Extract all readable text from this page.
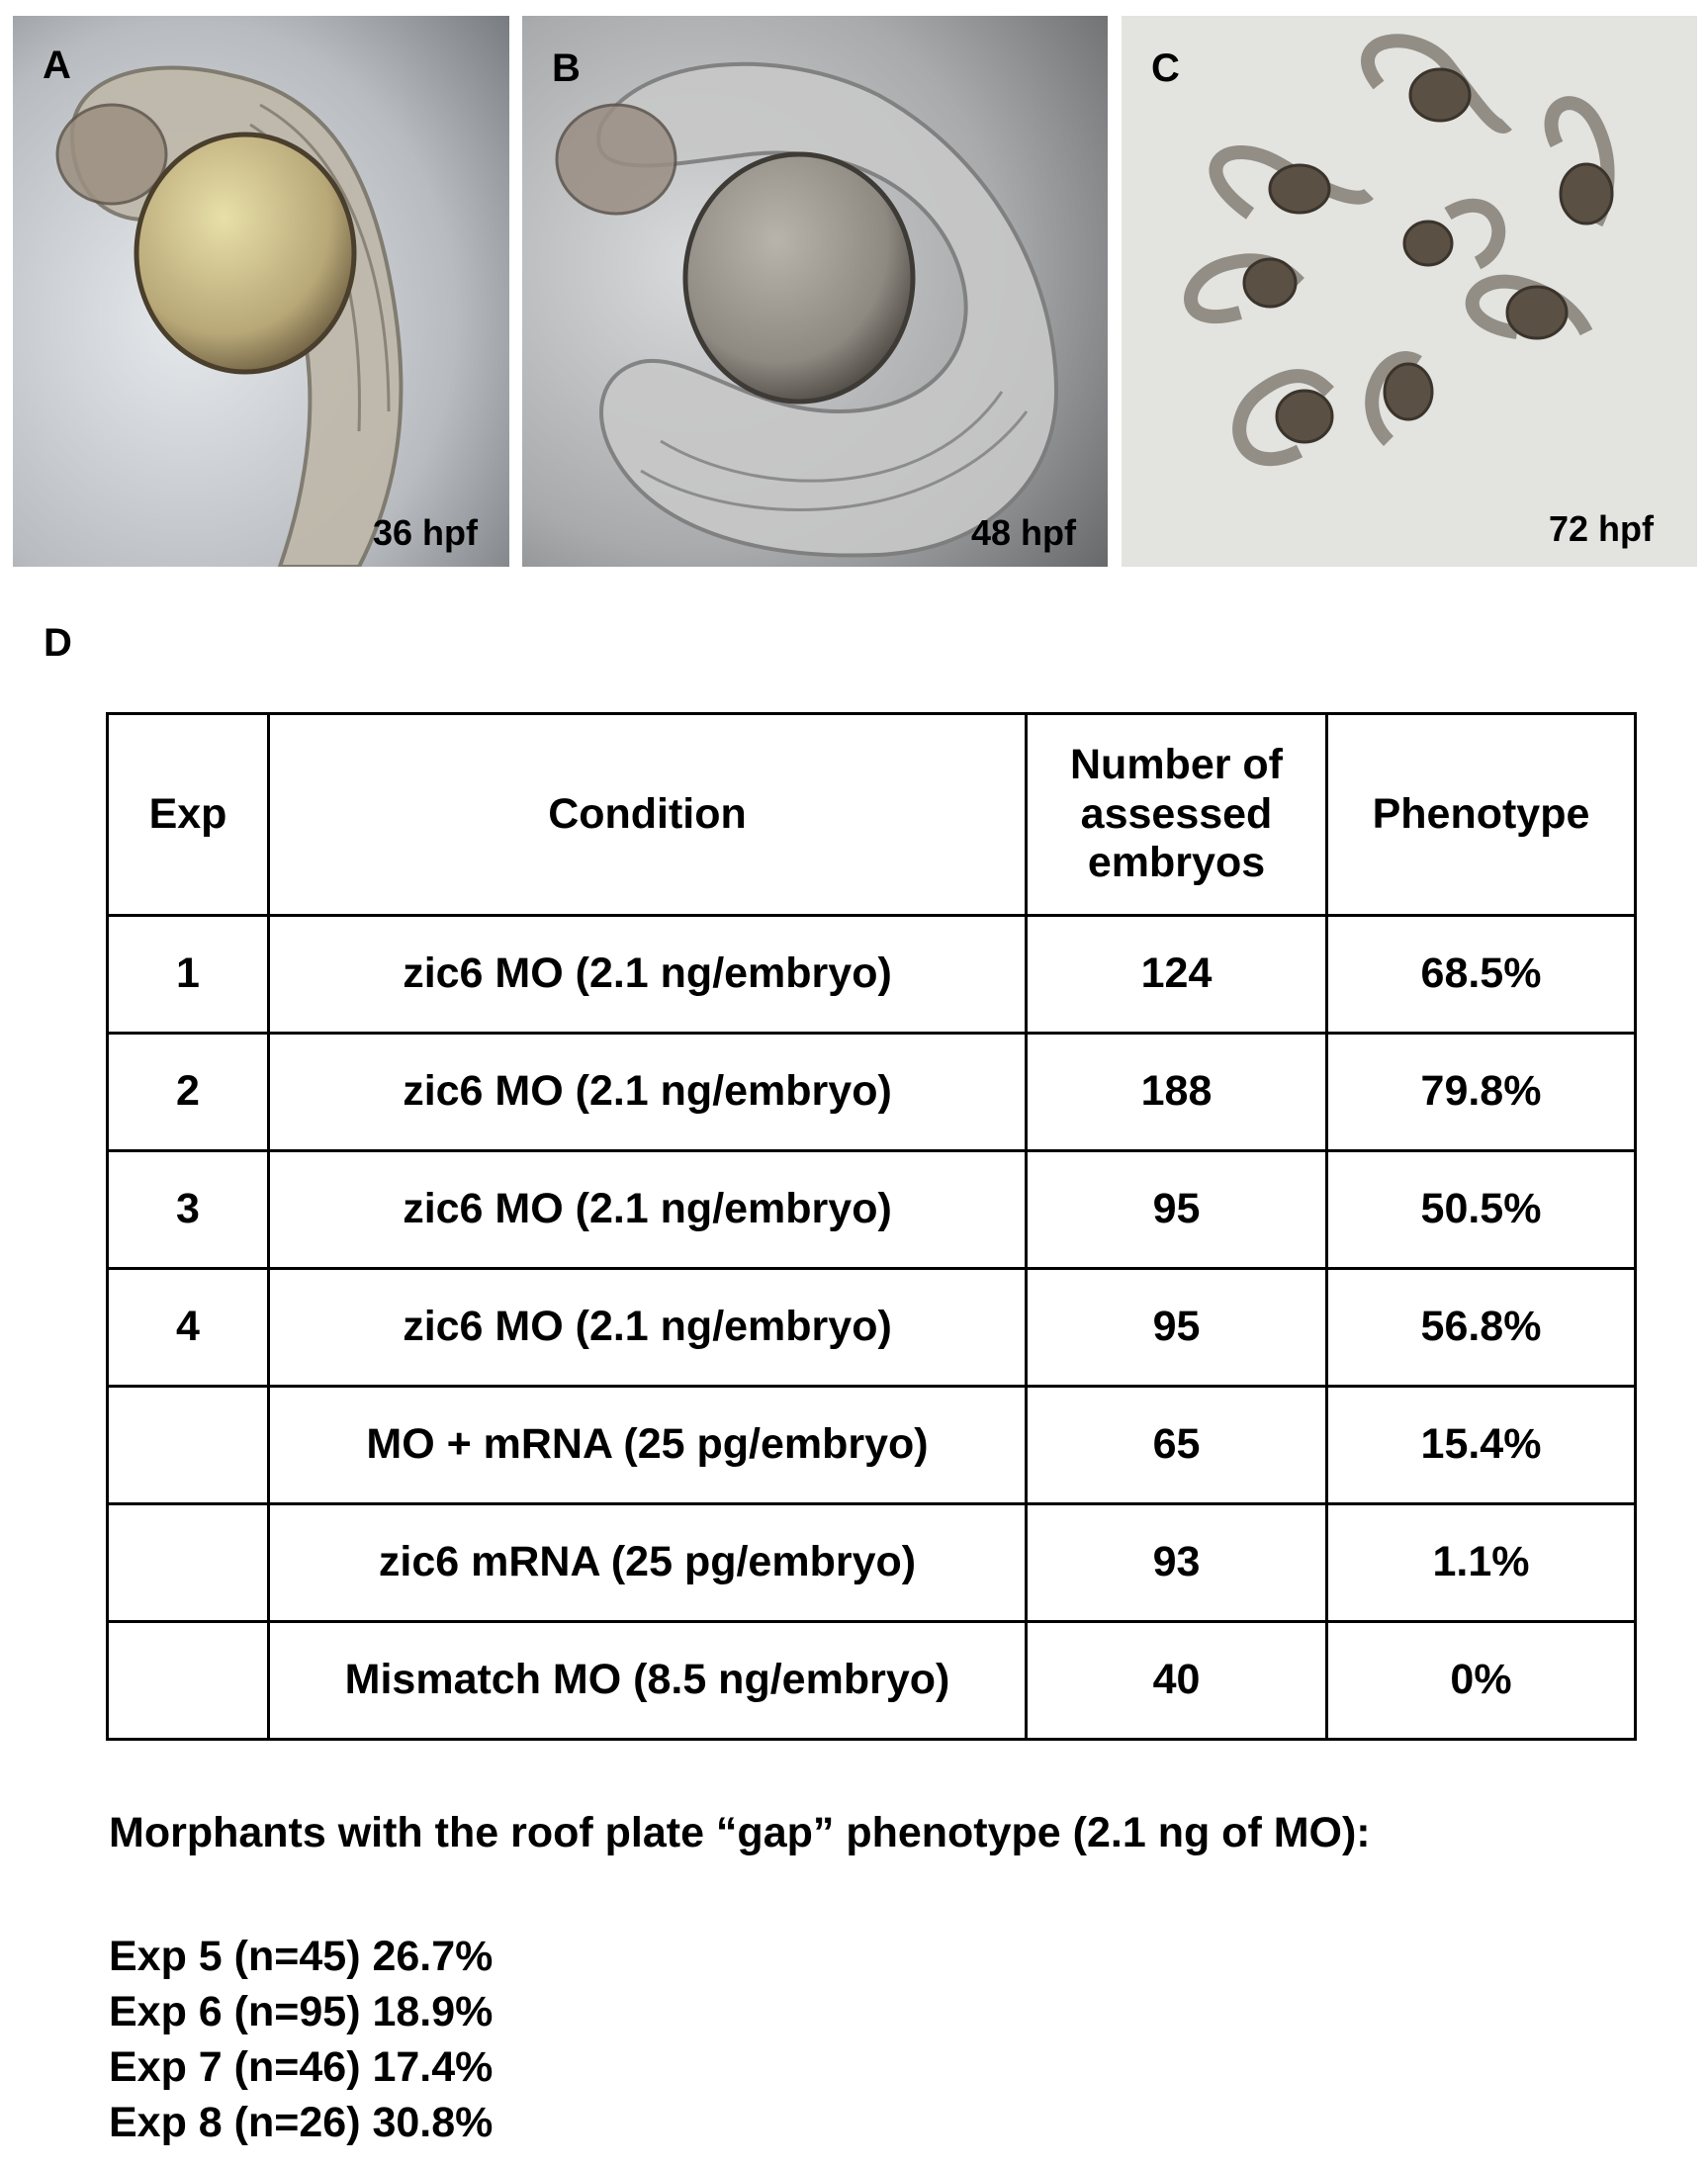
A
36 hpf
B
48 hpf
C
72 hpf
D
Exp	Condition	Number of assessed embryos	Phenotype
1	zic6 MO (2.1 ng/embryo)	124	68.5%
2	zic6 MO (2.1 ng/embryo)	188	79.8%
3	zic6 MO (2.1 ng/embryo)	95	50.5%
4	zic6 MO (2.1 ng/embryo)	95	56.8%
	MO + mRNA (25 pg/embryo)	65	15.4%
	zic6 mRNA (25 pg/embryo)	93	1.1%
	Mismatch MO (8.5 ng/embryo)	40	0%
Morphants with the roof plate “gap” phenotype (2.1 ng of MO):
Exp 5 (n=45) 26.7%
Exp 6 (n=95) 18.9%
Exp 7 (n=46) 17.4%
Exp 8 (n=26) 30.8%
